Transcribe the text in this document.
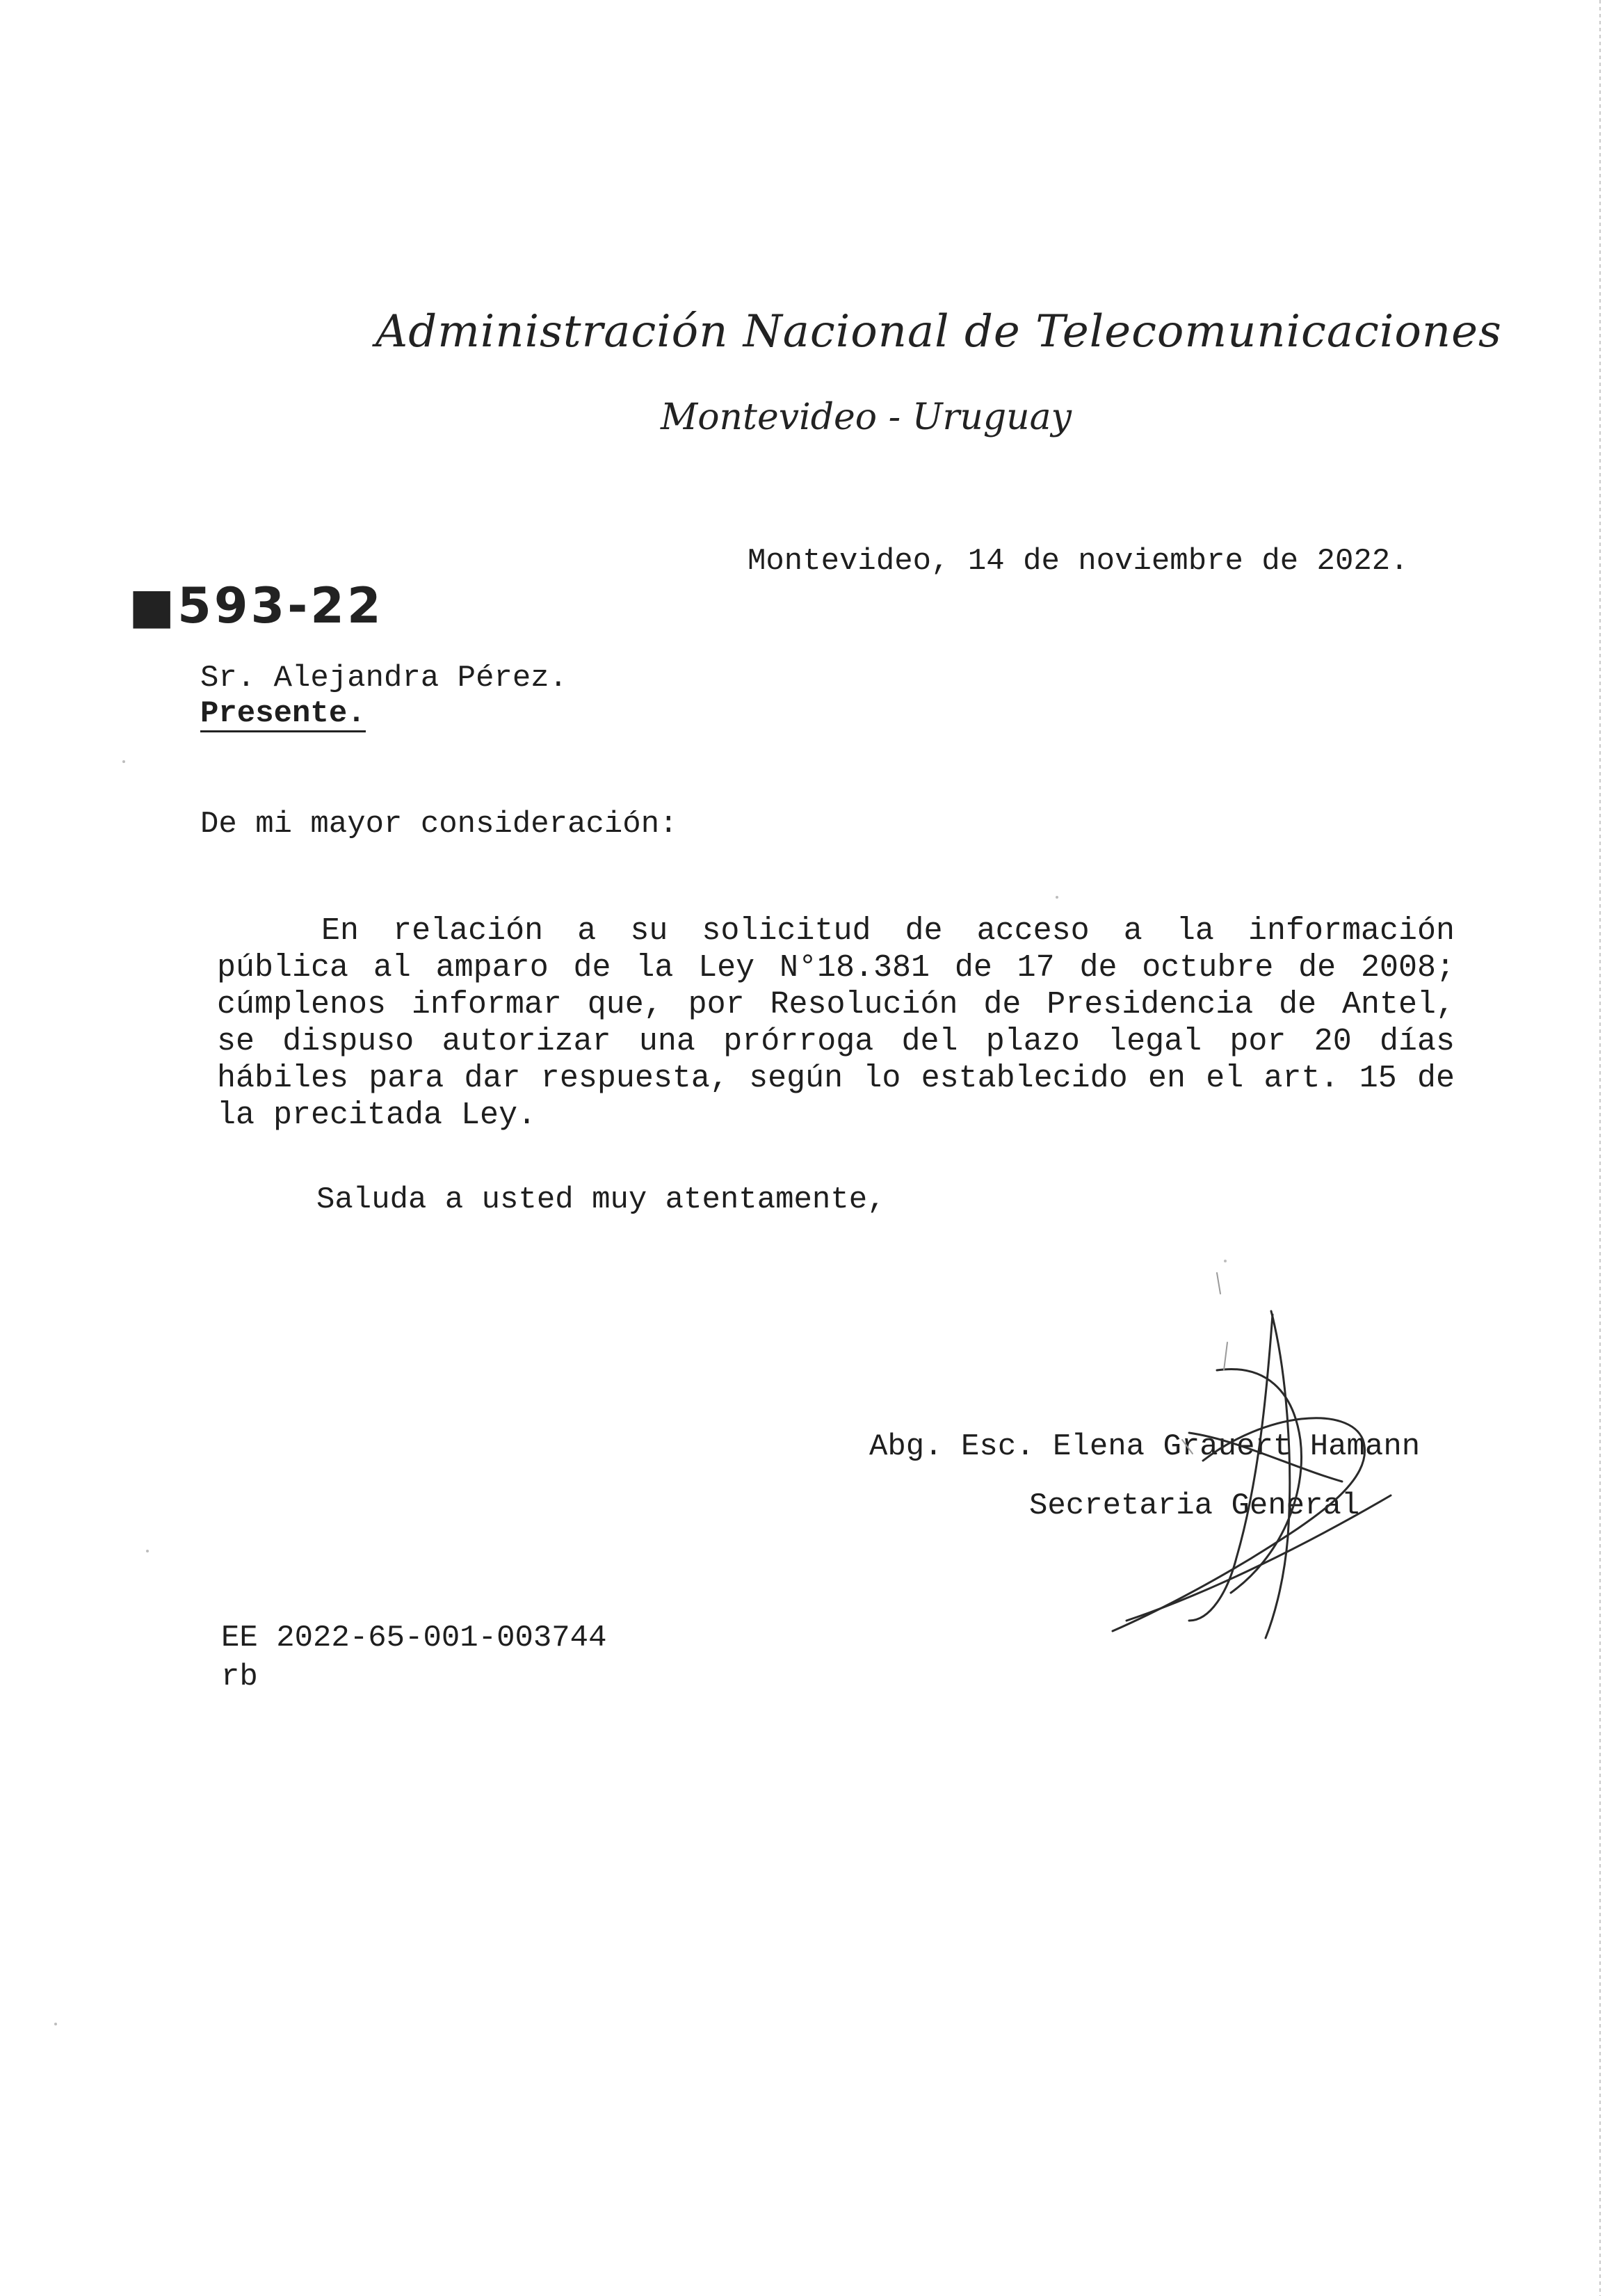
Administración Nacional de Telecomunicaciones
Montevideo - Uruguay
Montevideo, 14 de noviembre de 2022.
■593-22
Sr. Alejandra Pérez.
Presente.
De mi mayor consideración:
En relación a su solicitud de acceso a la información pública al amparo de la Ley N°18.381 de 17 de octubre de 2008; cúmplenos informar que, por Resolución de Presidencia de Antel, se dispuso autorizar una prórroga del plazo legal por 20 días hábiles para dar respuesta, según lo establecido en el art. 15 de la precitada Ley.
Saluda a usted muy atentamente,
Abg. Esc. Elena Grauert Hamann
Secretaria General
EE 2022-65-001-003744
rb
